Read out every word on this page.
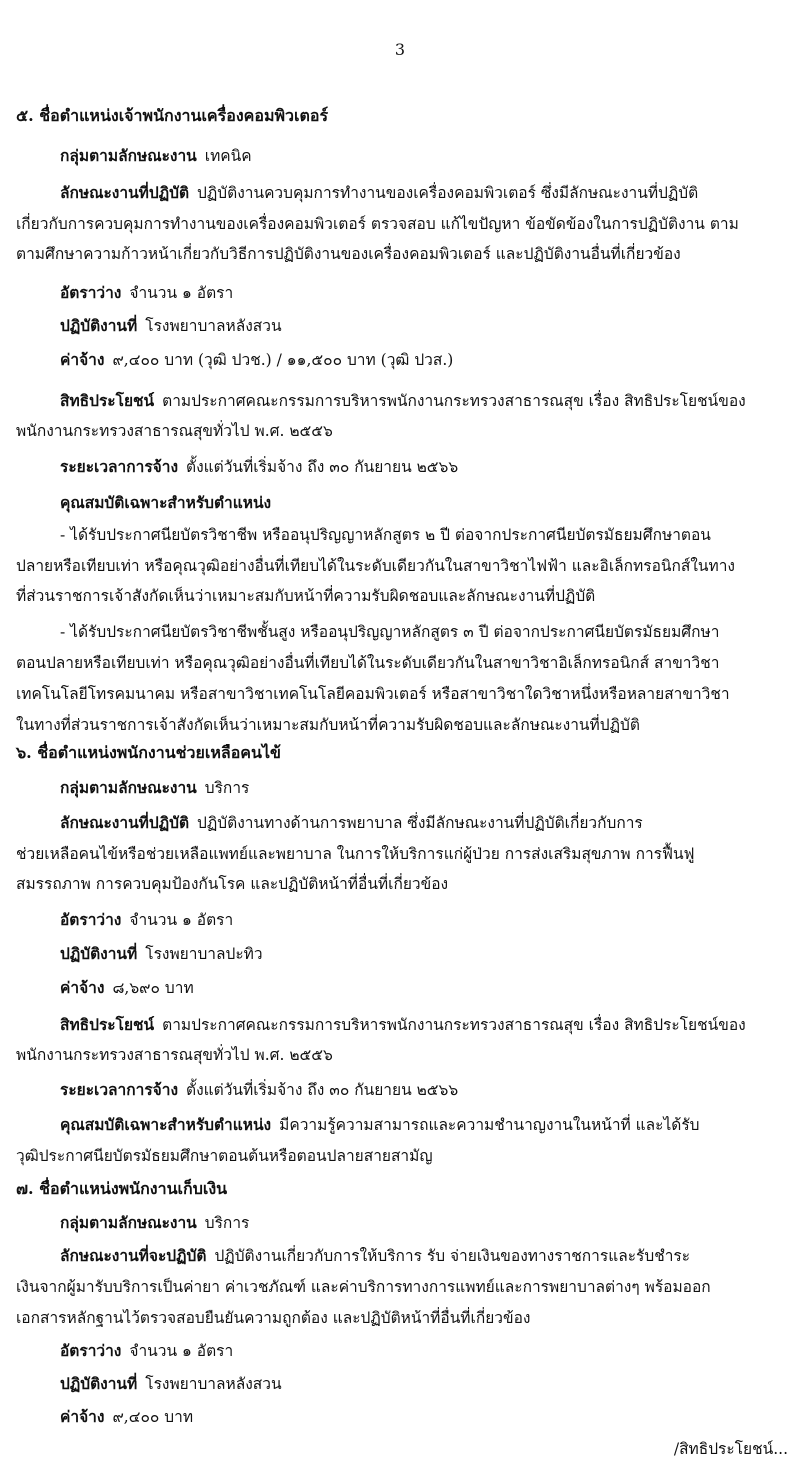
3
๕. ชื่อตำแหน่งเจ้าพนักงานเครื่องคอมพิวเตอร์
กลุ่มตามลักษณะงาน เทคนิค
ลักษณะงานที่ปฏิบัติ ปฏิบัติงานควบคุมการทำงานของเครื่องคอมพิวเตอร์ ซึ่งมีลักษณะงานที่ปฏิบัติ
เกี่ยวกับการควบคุมการทำงานของเครื่องคอมพิวเตอร์ ตรวจสอบ แก้ไขปัญหา ข้อขัดข้องในการปฏิบัติงาน ตาม
ตามศึกษาความก้าวหน้าเกี่ยวกับวิธีการปฏิบัติงานของเครื่องคอมพิวเตอร์ และปฏิบัติงานอื่นที่เกี่ยวข้อง
อัตราว่าง จำนวน ๑ อัตรา
ปฏิบัติงานที่ โรงพยาบาลหลังสวน
ค่าจ้าง ๙,๔๐๐ บาท (วุฒิ ปวช.) / ๑๑,๕๐๐ บาท (วุฒิ ปวส.)
สิทธิประโยชน์ ตามประกาศคณะกรรมการบริหารพนักงานกระทรวงสาธารณสุข เรื่อง สิทธิประโยชน์ของ
พนักงานกระทรวงสาธารณสุขทั่วไป พ.ศ. ๒๕๕๖
ระยะเวลาการจ้าง ตั้งแต่วันที่เริ่มจ้าง ถึง ๓๐ กันยายน ๒๕๖๖
คุณสมบัติเฉพาะสำหรับตำแหน่ง
- ได้รับประกาศนียบัตรวิชาชีพ หรืออนุปริญญาหลักสูตร ๒ ปี ต่อจากประกาศนียบัตรมัธยมศึกษาตอน
ปลายหรือเทียบเท่า หรือคุณวุฒิอย่างอื่นที่เทียบได้ในระดับเดียวกันในสาขาวิชาไฟฟ้า และอิเล็กทรอนิกส์ในทาง
ที่ส่วนราชการเจ้าสังกัดเห็นว่าเหมาะสมกับหน้าที่ความรับผิดชอบและลักษณะงานที่ปฏิบัติ
- ได้รับประกาศนียบัตรวิชาชีพชั้นสูง หรืออนุปริญญาหลักสูตร ๓ ปี ต่อจากประกาศนียบัตรมัธยมศึกษา
ตอนปลายหรือเทียบเท่า หรือคุณวุฒิอย่างอื่นที่เทียบได้ในระดับเดียวกันในสาขาวิชาอิเล็กทรอนิกส์ สาขาวิชา
เทคโนโลยีโทรคมนาคม หรือสาขาวิชาเทคโนโลยีคอมพิวเตอร์ หรือสาขาวิชาใดวิชาหนึ่งหรือหลายสาขาวิชา
ในทางที่ส่วนราชการเจ้าสังกัดเห็นว่าเหมาะสมกับหน้าที่ความรับผิดชอบและลักษณะงานที่ปฏิบัติ
๖. ชื่อตำแหน่งพนักงานช่วยเหลือคนไข้
กลุ่มตามลักษณะงาน บริการ
ลักษณะงานที่ปฏิบัติ ปฏิบัติงานทางด้านการพยาบาล ซึ่งมีลักษณะงานที่ปฏิบัติเกี่ยวกับการ
ช่วยเหลือคนไข้หรือช่วยเหลือแพทย์และพยาบาล ในการให้บริการแก่ผู้ป่วย การส่งเสริมสุขภาพ การฟื้นฟู
สมรรถภาพ การควบคุมป้องกันโรค และปฏิบัติหน้าที่อื่นที่เกี่ยวข้อง
อัตราว่าง จำนวน ๑ อัตรา
ปฏิบัติงานที่ โรงพยาบาลปะทิว
ค่าจ้าง ๘,๖๙๐ บาท
สิทธิประโยชน์ ตามประกาศคณะกรรมการบริหารพนักงานกระทรวงสาธารณสุข เรื่อง สิทธิประโยชน์ของ
พนักงานกระทรวงสาธารณสุขทั่วไป พ.ศ. ๒๕๕๖
ระยะเวลาการจ้าง ตั้งแต่วันที่เริ่มจ้าง ถึง ๓๐ กันยายน ๒๕๖๖
คุณสมบัติเฉพาะสำหรับตำแหน่ง มีความรู้ความสามารถและความชำนาญงานในหน้าที่ และได้รับ
วุฒิประกาศนียบัตรมัธยมศึกษาตอนต้นหรือตอนปลายสายสามัญ
๗. ชื่อตำแหน่งพนักงานเก็บเงิน
กลุ่มตามลักษณะงาน บริการ
ลักษณะงานที่จะปฏิบัติ ปฏิบัติงานเกี่ยวกับการให้บริการ รับ จ่ายเงินของทางราชการและรับชำระ
เงินจากผู้มารับบริการเป็นค่ายา ค่าเวชภัณฑ์ และค่าบริการทางการแพทย์และการพยาบาลต่างๆ พร้อมออก
เอกสารหลักฐานไว้ตรวจสอบยืนยันความถูกต้อง และปฏิบัติหน้าที่อื่นที่เกี่ยวข้อง
อัตราว่าง จำนวน ๑ อัตรา
ปฏิบัติงานที่ โรงพยาบาลหลังสวน
ค่าจ้าง ๙,๔๐๐ บาท
/สิทธิประโยชน์...
